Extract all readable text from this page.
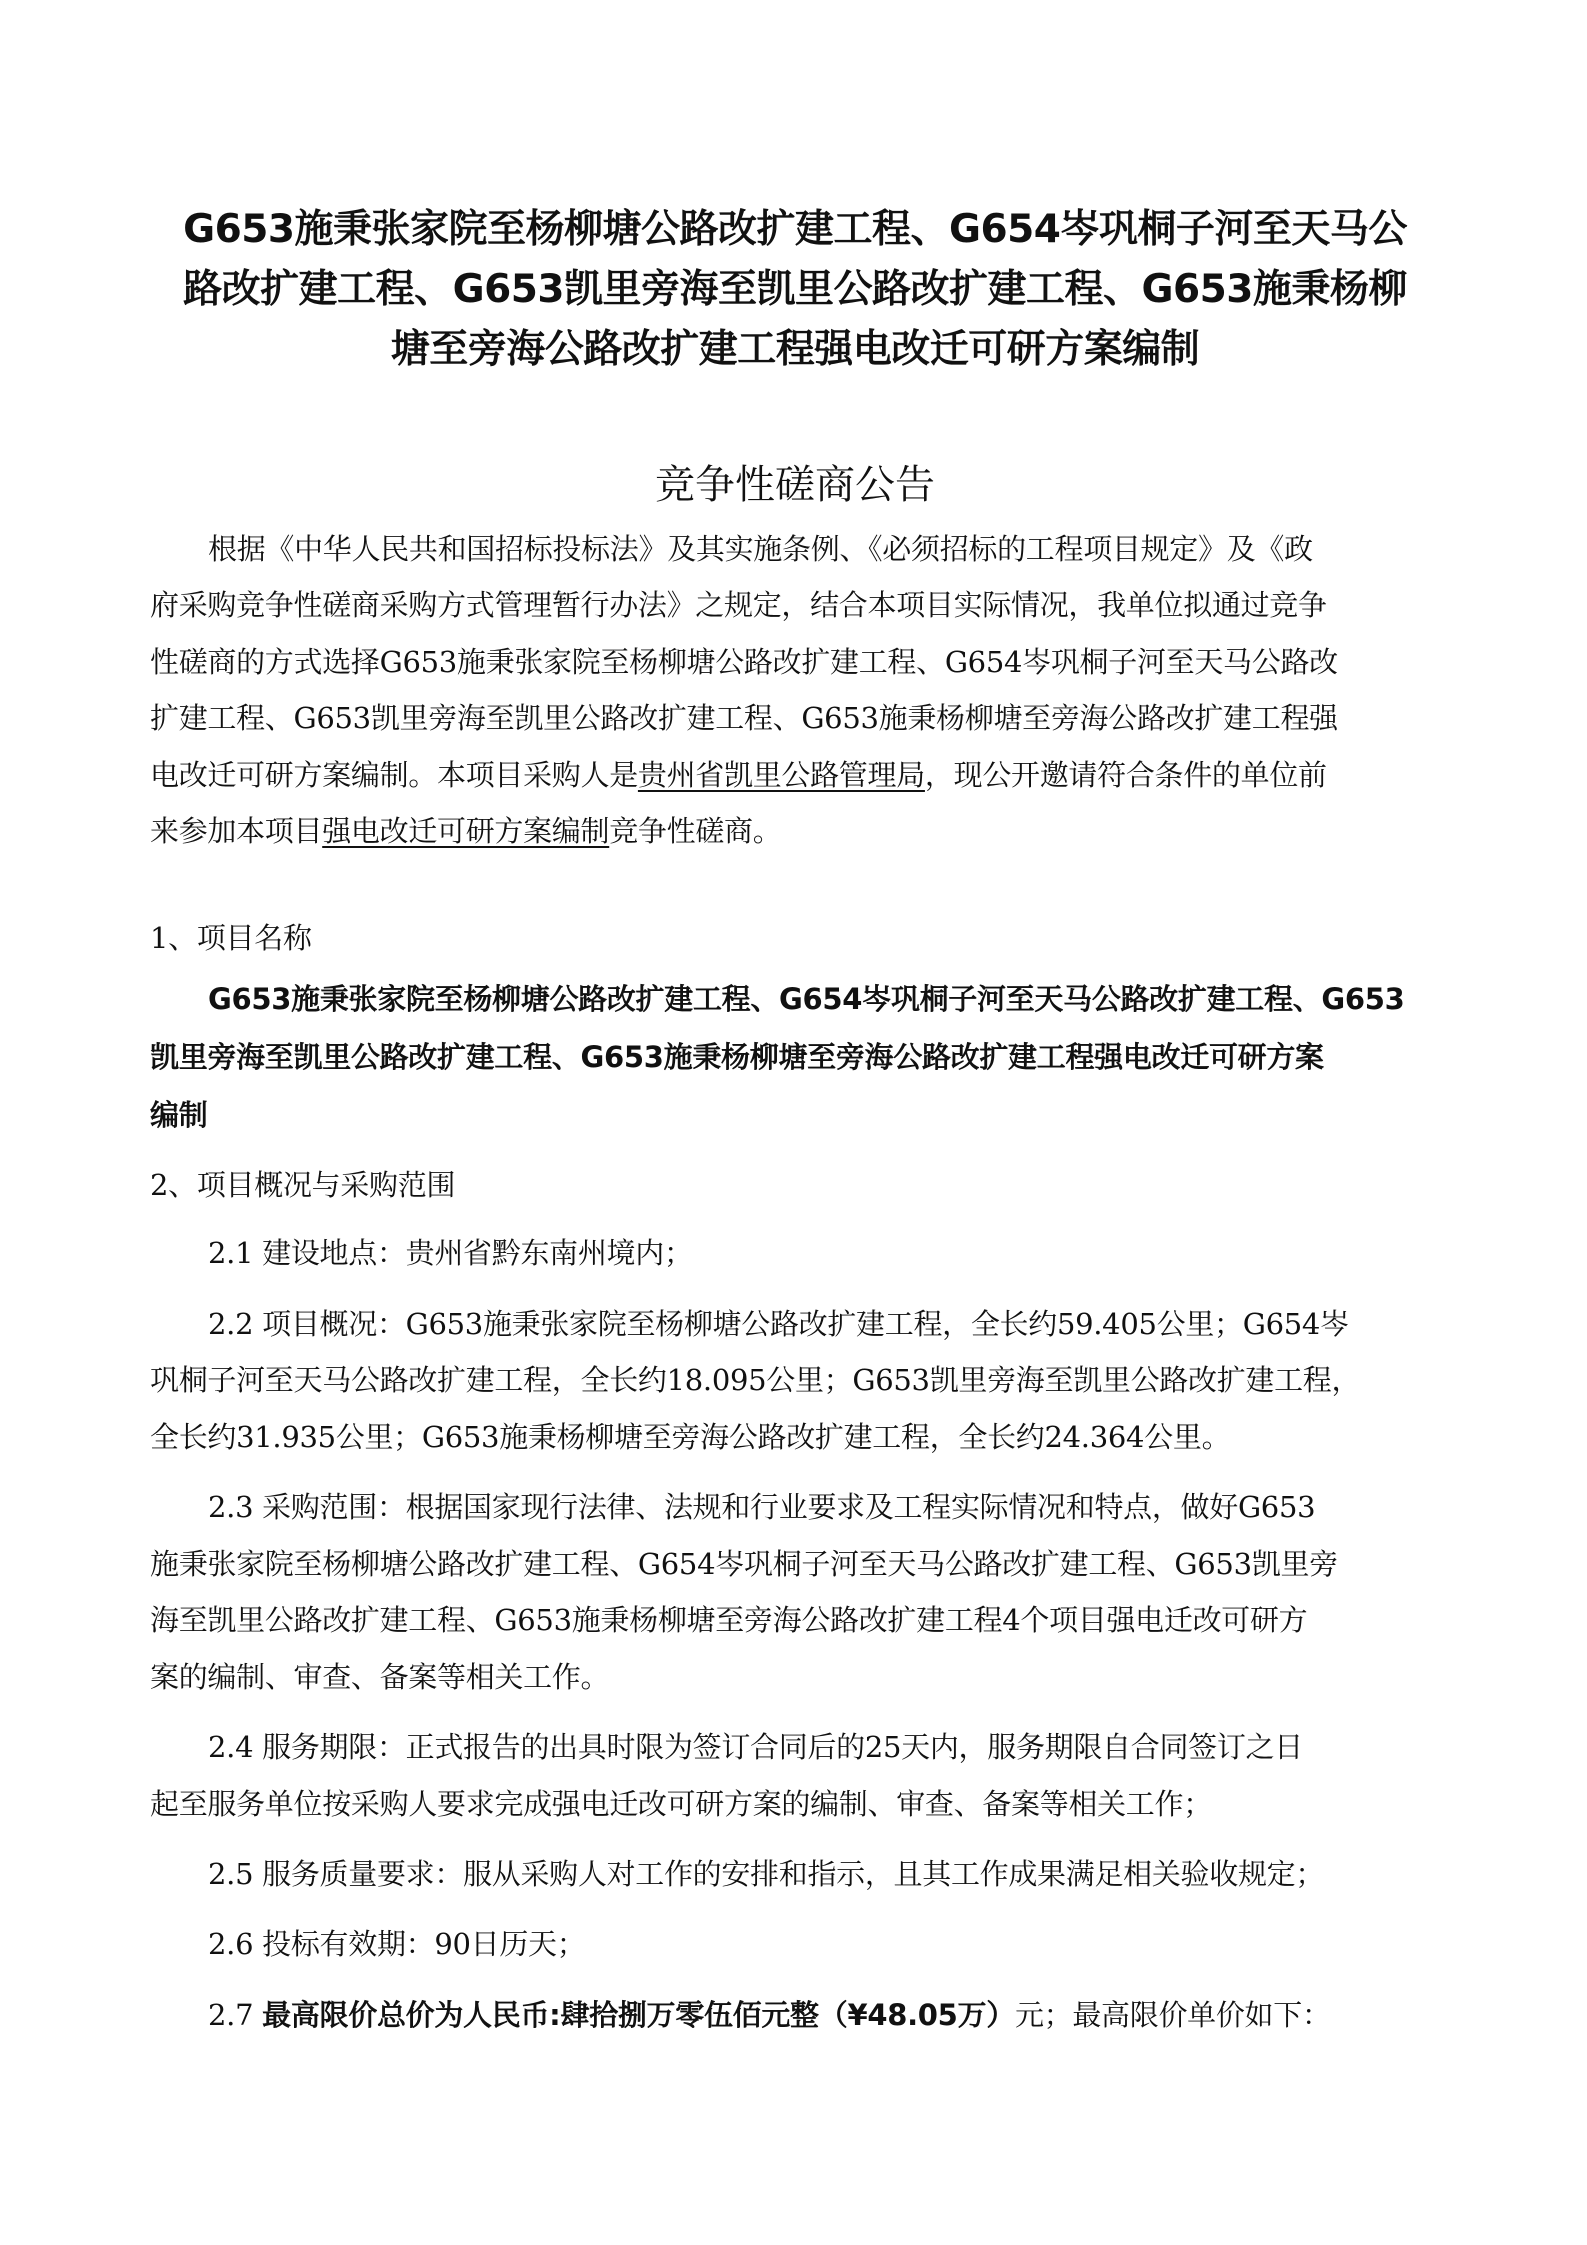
G653施秉张家院至杨柳塘公路改扩建工程、G654岑巩桐子河至天马公
路改扩建工程、G653凯里旁海至凯里公路改扩建工程、G653施秉杨柳
塘至旁海公路改扩建工程强电改迁可研方案编制
竞争性磋商公告
根据《中华人民共和国招标投标法》及其实施条例、《必须招标的工程项目规定》及《政
府采购竞争性磋商采购方式管理暂行办法》之规定，结合本项目实际情况，我单位拟通过竞争
性磋商的方式选择G653施秉张家院至杨柳塘公路改扩建工程、G654岑巩桐子河至天马公路改
扩建工程、G653凯里旁海至凯里公路改扩建工程、G653施秉杨柳塘至旁海公路改扩建工程强
电改迁可研方案编制。本项目采购人是贵州省凯里公路管理局，现公开邀请符合条件的单位前
来参加本项目强电改迁可研方案编制竞争性磋商。
1、项目名称
G653施秉张家院至杨柳塘公路改扩建工程、G654岑巩桐子河至天马公路改扩建工程、G653
凯里旁海至凯里公路改扩建工程、G653施秉杨柳塘至旁海公路改扩建工程强电改迁可研方案
编制
2、项目概况与采购范围
2.1 建设地点：贵州省黔东南州境内；
2.2 项目概况：G653施秉张家院至杨柳塘公路改扩建工程，全长约59.405公里；G654岑
巩桐子河至天马公路改扩建工程，全长约18.095公里；G653凯里旁海至凯里公路改扩建工程，
全长约31.935公里；G653施秉杨柳塘至旁海公路改扩建工程，全长约24.364公里。
2.3 采购范围：根据国家现行法律、法规和行业要求及工程实际情况和特点，做好G653
施秉张家院至杨柳塘公路改扩建工程、G654岑巩桐子河至天马公路改扩建工程、G653凯里旁
海至凯里公路改扩建工程、G653施秉杨柳塘至旁海公路改扩建工程4个项目强电迁改可研方
案的编制、审查、备案等相关工作。
2.4 服务期限：正式报告的出具时限为签订合同后的25天内，服务期限自合同签订之日
起至服务单位按采购人要求完成强电迁改可研方案的编制、审查、备案等相关工作；
2.5 服务质量要求：服从采购人对工作的安排和指示，且其工作成果满足相关验收规定；
2.6 投标有效期：90日历天；
2.7 最高限价总价为人民币:肆拾捌万零伍佰元整（¥48.05万）元；最高限价单价如下：
